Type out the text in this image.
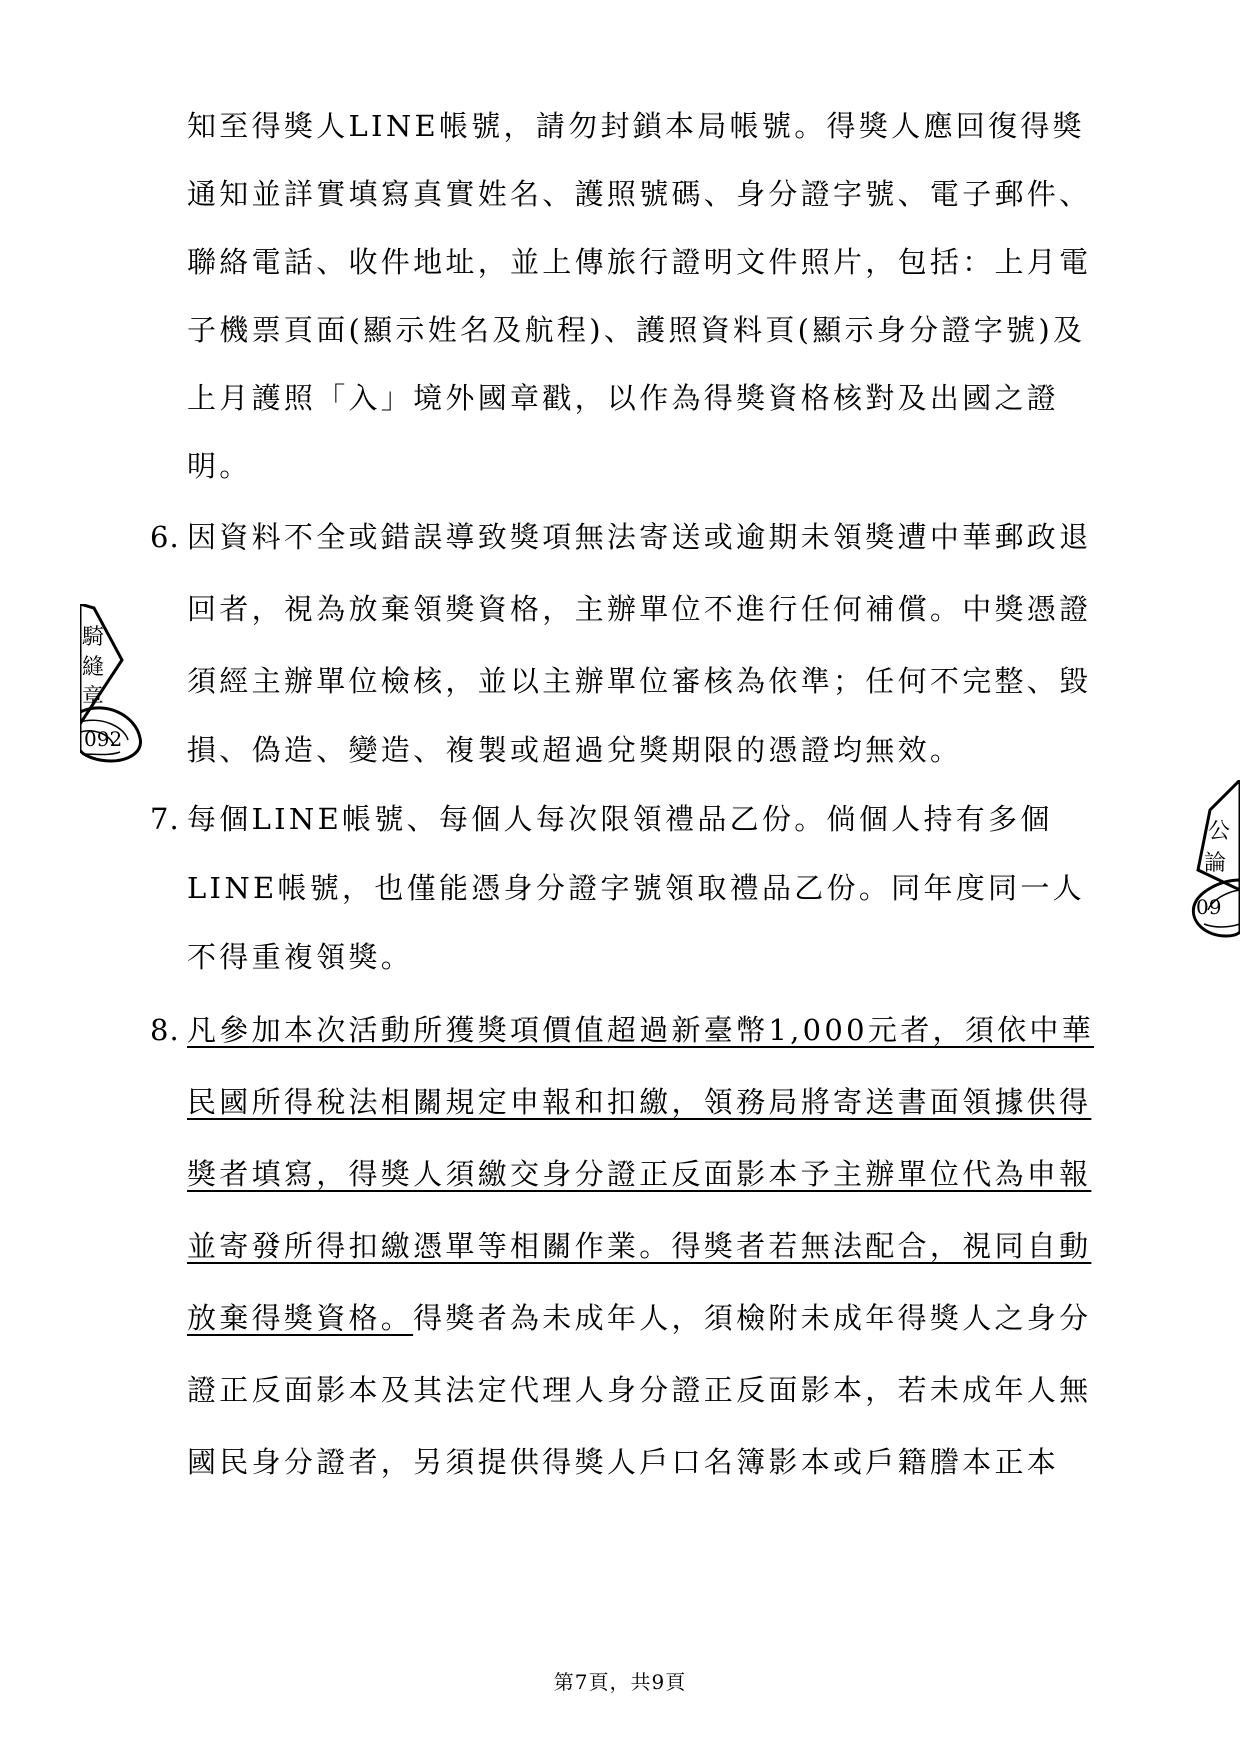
知至得獎人LINE帳號，請勿封鎖本局帳號。得獎人應回復得獎
通知並詳實填寫真實姓名、護照號碼、身分證字號、電子郵件、
聯絡電話、收件地址，並上傳旅行證明文件照片，包括：上月電
子機票頁面(顯示姓名及航程)、護照資料頁(顯示身分證字號)及
上月護照「入」境外國章戳，以作為得獎資格核對及出國之證
明。
6. 因資料不全或錯誤導致獎項無法寄送或逾期未領獎遭中華郵政退
回者，視為放棄領獎資格，主辦單位不進行任何補償。中獎憑證
須經主辦單位檢核，並以主辦單位審核為依準；任何不完整、毀
損、偽造、變造、複製或超過兌獎期限的憑證均無效。
7. 每個LINE帳號、每個人每次限領禮品乙份。倘個人持有多個
LINE帳號，也僅能憑身分證字號領取禮品乙份。同年度同一人
不得重複領獎。
8. 凡參加本次活動所獲獎項價值超過新臺幣1,000元者，須依中華
民國所得稅法相關規定申報和扣繳，領務局將寄送書面領據供得
獎者填寫，得獎人須繳交身分證正反面影本予主辦單位代為申報
並寄發所得扣繳憑單等相關作業。得獎者若無法配合，視同自動
放棄得獎資格。得獎者為未成年人，須檢附未成年得獎人之身分
證正反面影本及其法定代理人身分證正反面影本，若未成年人無
國民身分證者，另須提供得獎人戶口名簿影本或戶籍謄本正本
第7頁，共9頁
騎
縫
章
092
公
論
09
